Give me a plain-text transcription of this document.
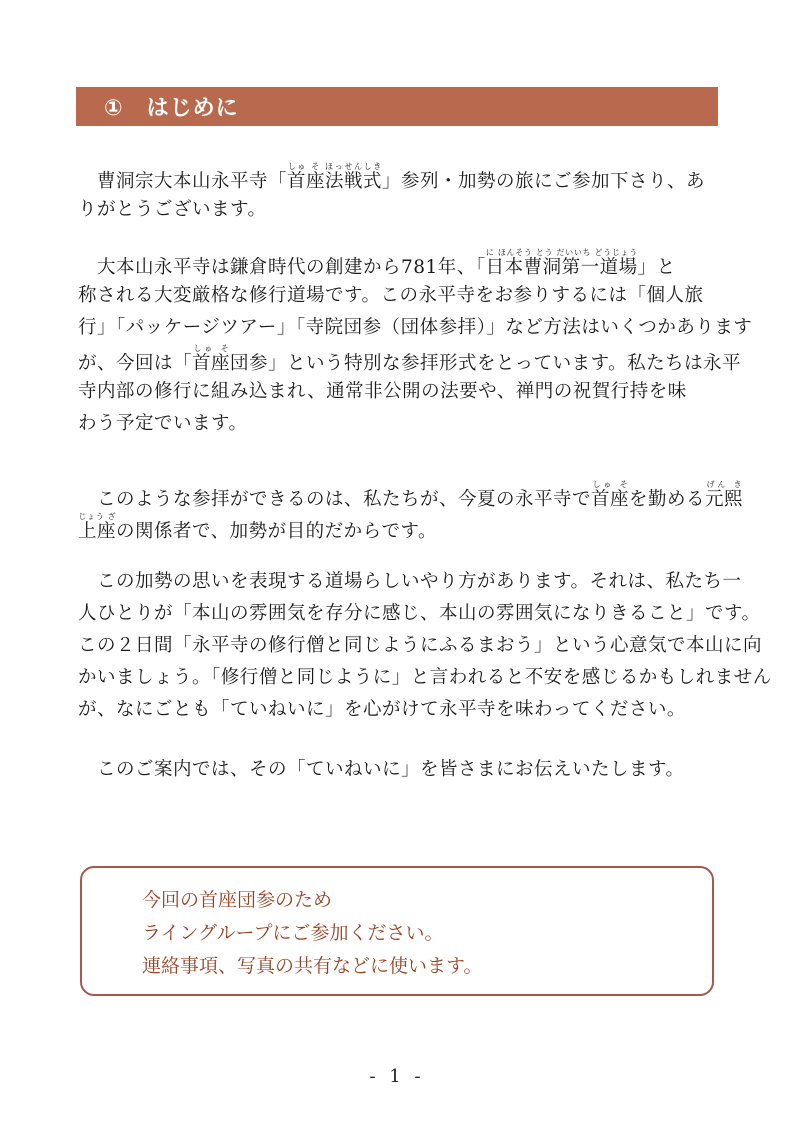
①　はじめに
　曹洞宗大本山永平寺「首座法戦式しゅ そ ほっせんしき」参列・加勢の旅にご参加下さり、あ
りがとうございます。
　大本山永平寺は鎌倉時代の創建から781年、「日本曹洞第一道場に ほんそう とう だいいち どうじょう」と
称される大変厳格な修行道場です。この永平寺をお参りするには「個人旅
行」「パッケージツアー」「寺院団参（団体参拝）」など方法はいくつかあります
が、今回は「首座しゅ そ団参」という特別な参拝形式をとっています。私たちは永平
寺内部の修行に組み込まれ、通常非公開の法要や、禅門の祝賀行持を味
わう予定でいます。
　このような参拝ができるのは、私たちが、今夏の永平寺で首座しゅ そを勤める元熙げん き
上座じょう ざの関係者で、加勢が目的だからです。
　この加勢の思いを表現する道場らしいやり方があります。それは、私たち一
人ひとりが「本山の雰囲気を存分に感じ、本山の雰囲気になりきること」です。
この２日間「永平寺の修行僧と同じようにふるまおう」という心意気で本山に向
かいましょう。「修行僧と同じように」と言われると不安を感じるかもしれません
が、なにごとも「ていねいに」を心がけて永平寺を味わってください。
　このご案内では、その「ていねいに」を皆さまにお伝えいたします。
今回の首座団参のため
ライングループにご参加ください。
連絡事項、写真の共有などに使います。
- 1 -
